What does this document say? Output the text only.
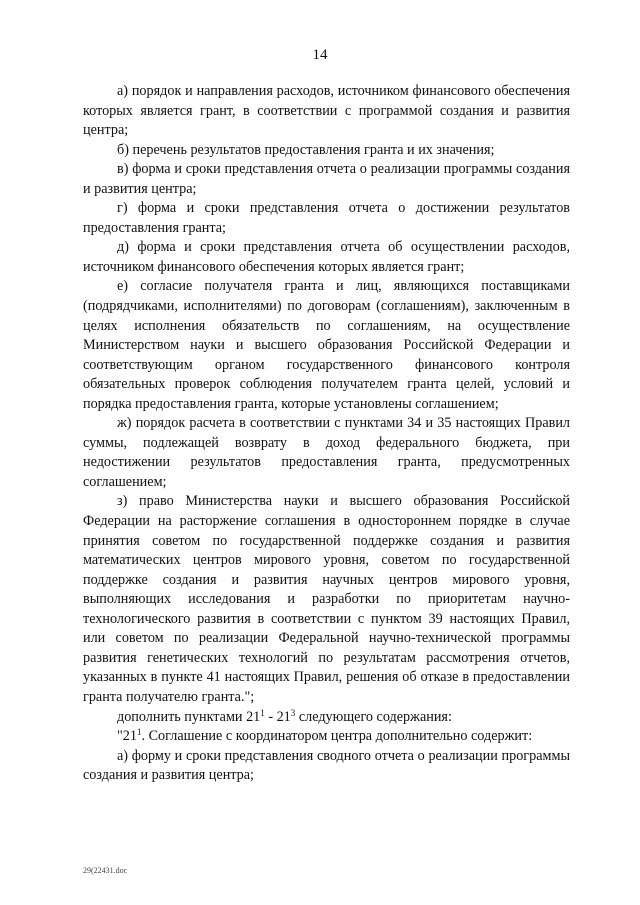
14

а) порядок и направления расходов, источником финансового обеспечения которых является грант, в соответствии с программой создания и развития центра;

б) перечень результатов предоставления гранта и их значения;

в) форма и сроки представления отчета о реализации программы создания и развития центра;

г) форма и сроки представления отчета о достижении результатов предоставления гранта;

д) форма и сроки представления отчета об осуществлении расходов, источником финансового обеспечения которых является грант;

е) согласие получателя гранта и лиц, являющихся поставщиками (подрядчиками, исполнителями) по договорам (соглашениям), заключенным в целях исполнения обязательств по соглашениям, на осуществление Министерством науки и высшего образования Российской Федерации и соответствующим органом государственного финансового контроля обязательных проверок соблюдения получателем гранта целей, условий и порядка предоставления гранта, которые установлены соглашением;

ж) порядок расчета в соответствии с пунктами 34 и 35 настоящих Правил суммы, подлежащей возврату в доход федерального бюджета, при недостижении результатов предоставления гранта, предусмотренных соглашением;

з) право Министерства науки и высшего образования Российской Федерации на расторжение соглашения в одностороннем порядке в случае принятия советом по государственной поддержке создания и развития математических центров мирового уровня, советом по государственной поддержке создания и развития научных центров мирового уровня, выполняющих исследования и разработки по приоритетам научно-технологического развития в соответствии с пунктом 39 настоящих Правил, или советом по реализации Федеральной научно-технической программы развития генетических технологий по результатам рассмотрения отчетов, указанных в пункте 41 настоящих Правил, решения об отказе в предоставлении гранта получателю гранта.";

дополнить пунктами $21^1 - 21^3$ следующего содержания:

"$21^1$. Соглашение с координатором центра дополнительно содержит:

а) форму и сроки представления сводного отчета о реализации программы создания и развития центра;

29(22431.doc
